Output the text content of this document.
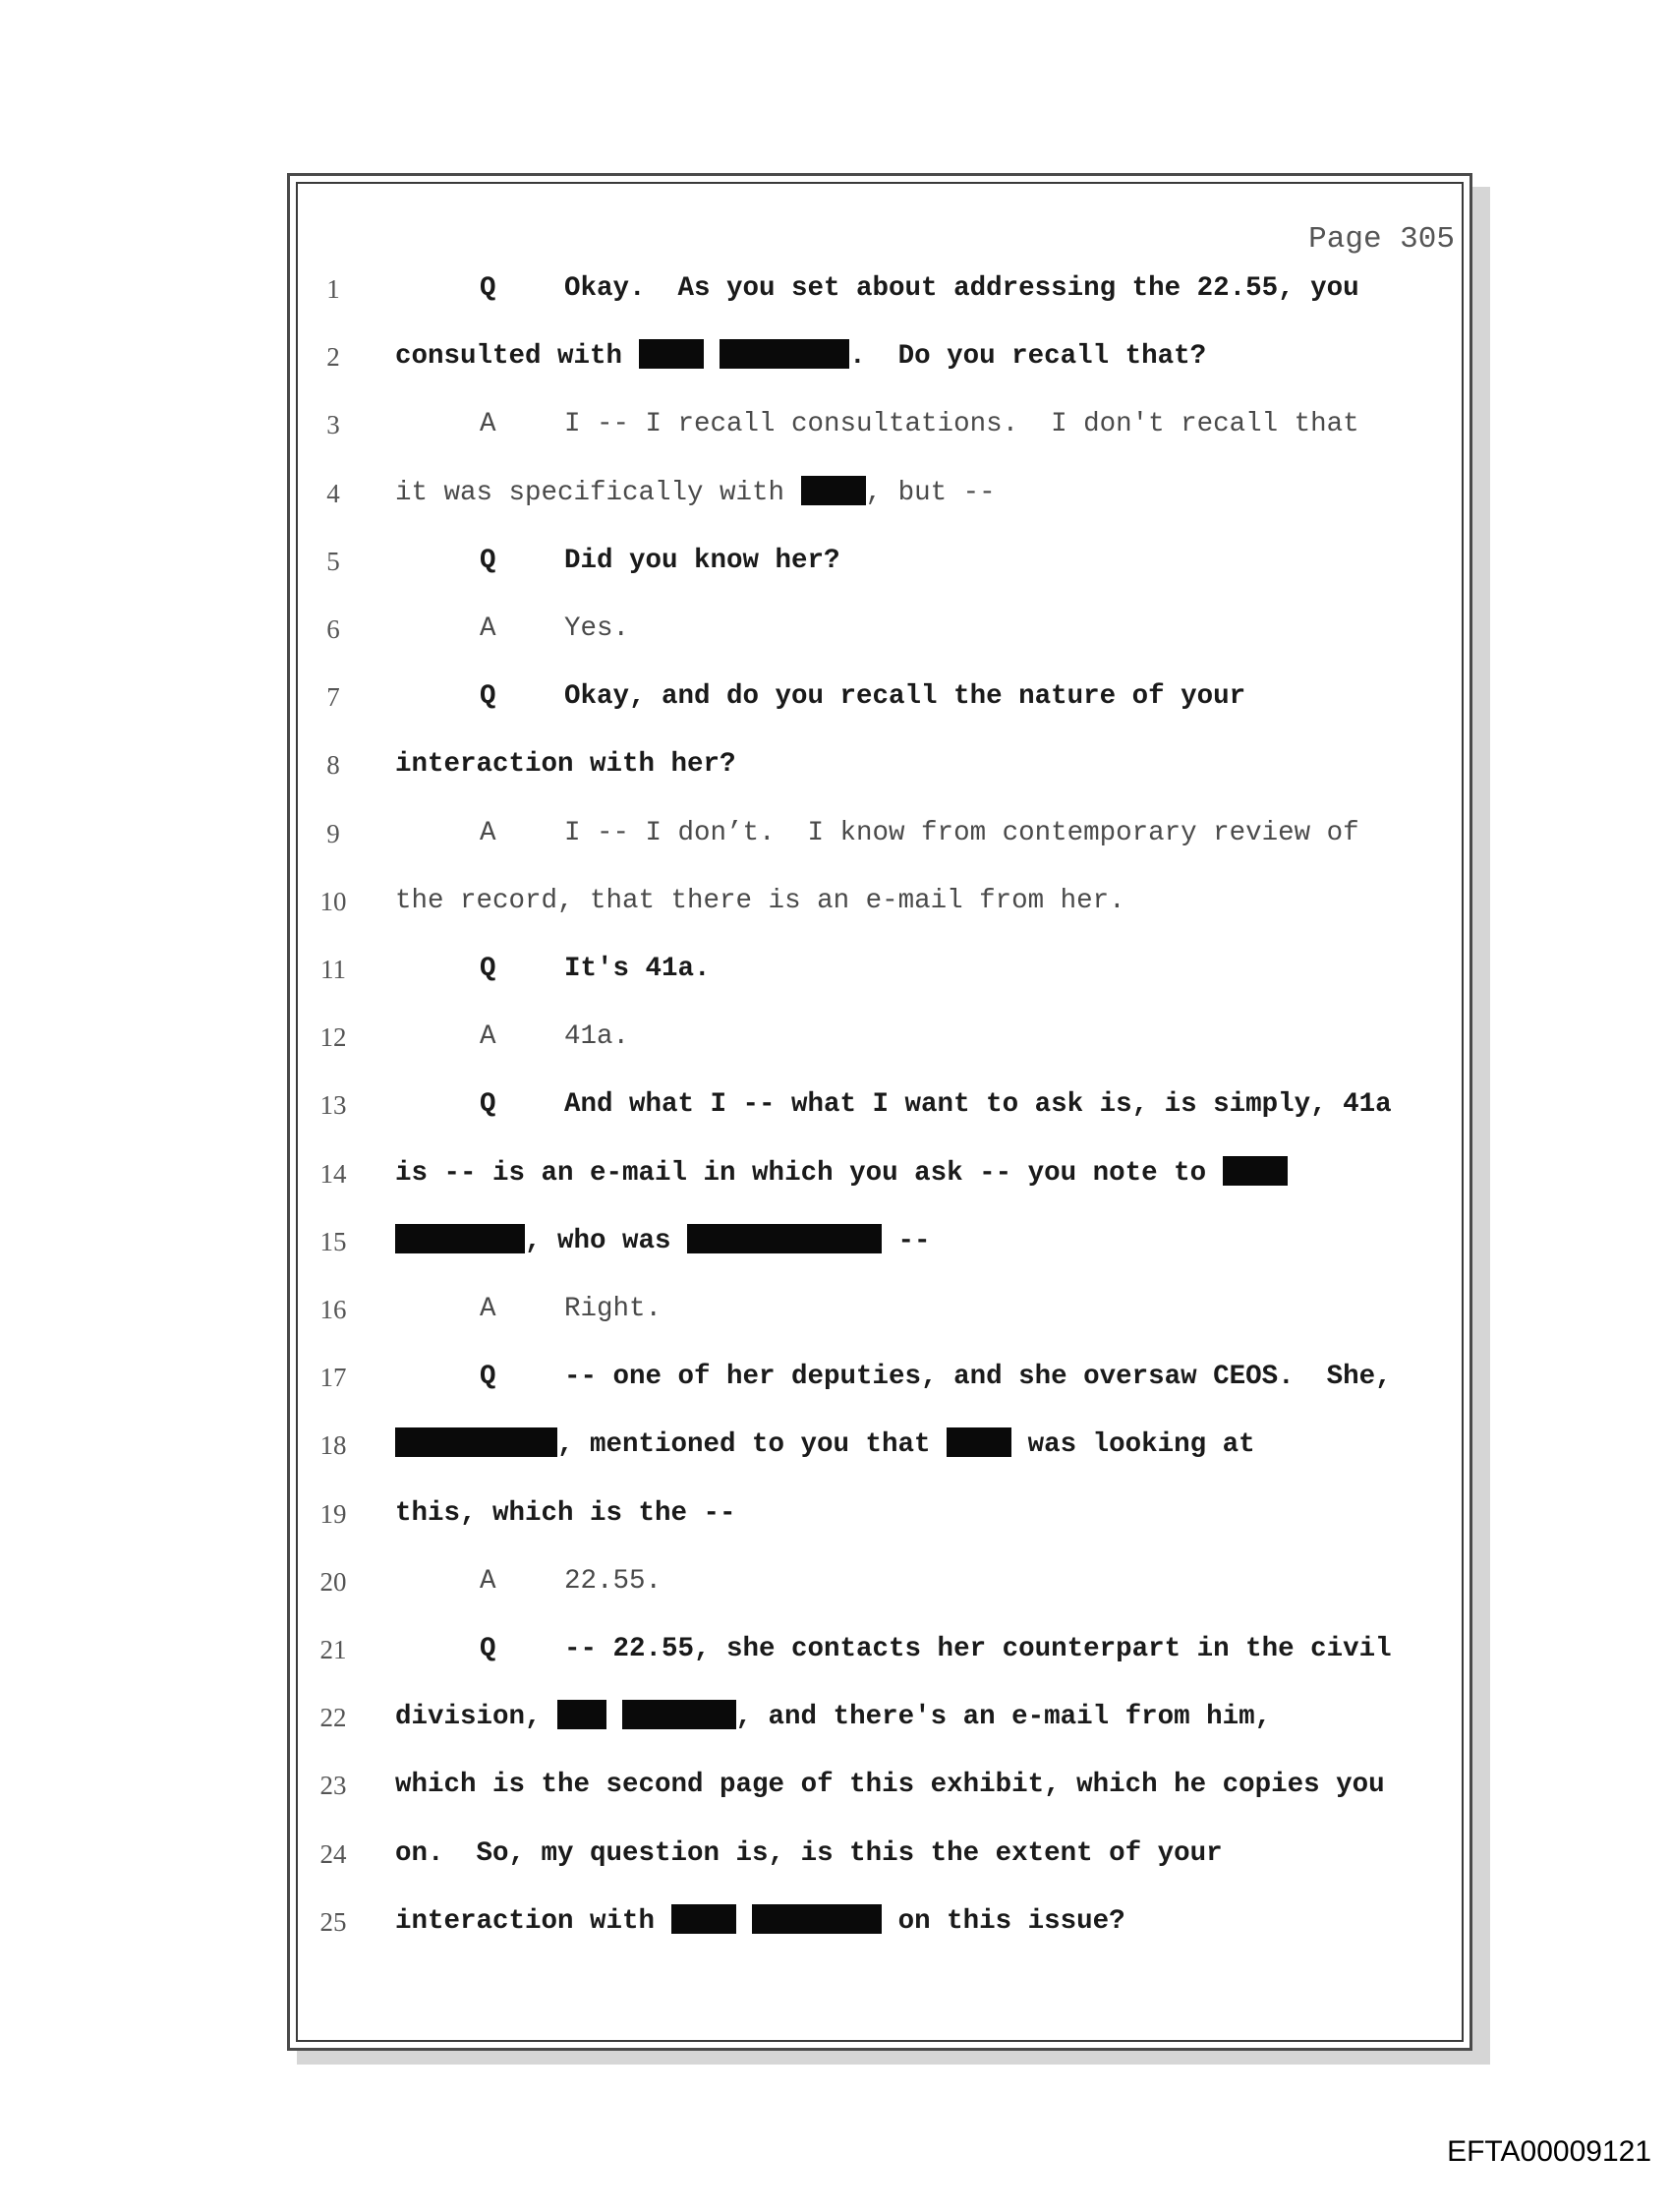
Page 305
1	Q	Okay.  As you set about addressing the 22.55, you
2	consulted with	.  Do you recall that?
3	A	I -- I recall consultations.  I don't recall that
4	it was specifically with , but --
5	Q	Did you know her?
6	A	Yes.
7	Q	Okay, and do you recall the nature of your
8	interaction with her?
9	A	I -- I don’t.  I know from contemporary review of
10	the record, that there is an e-mail from her.
11	Q	It's 41a.
12	A	41a.
13	Q	And what I -- what I want to ask is, is simply, 41a
14	is -- is an e-mail in which you ask -- you note to
15	, who was	--
16	A	Right.
17	Q	-- one of her deputies, and she oversaw CEOS.  She,
18	, mentioned to you that  was looking at
19	this, which is the --
20	A	22.55.
21	Q	-- 22.55, she contacts her counterpart in the civil
22	division,	, and there's an e-mail from him,
23	which is the second page of this exhibit, which he copies you
24	on.  So, my question is, is this the extent of your
25	interaction with	on this issue?
EFTA00009121
